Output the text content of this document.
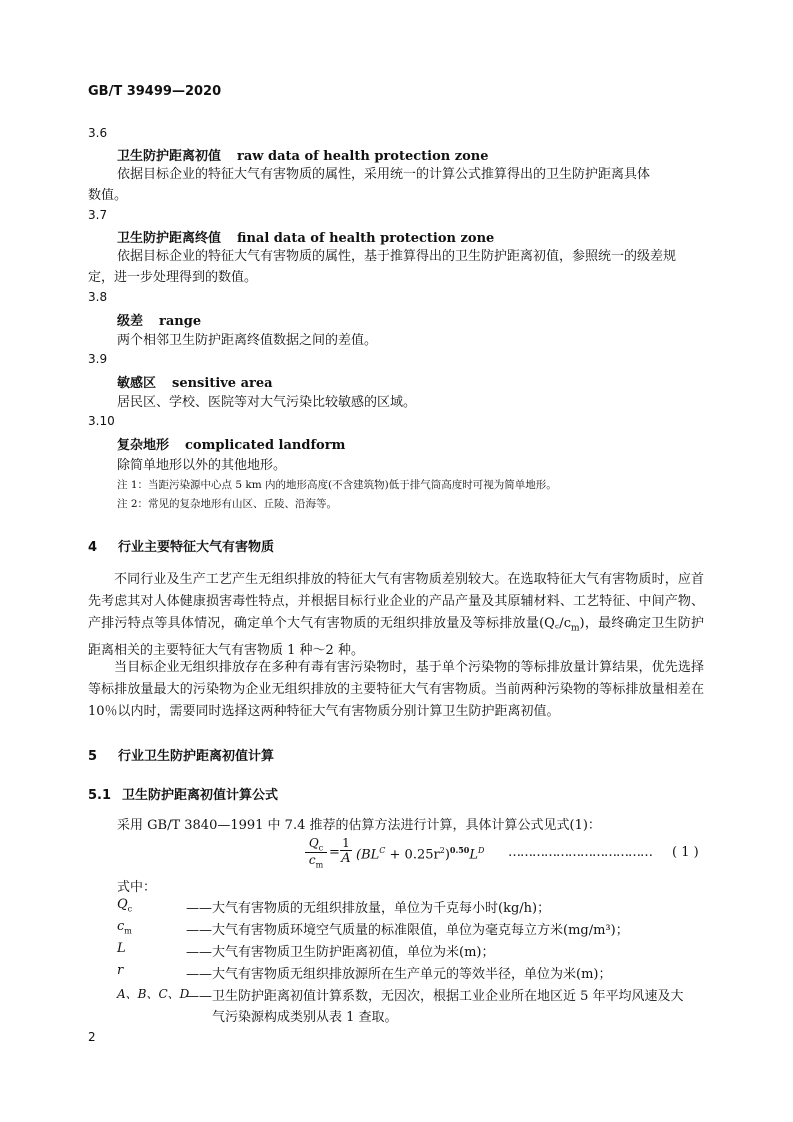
GB/T 39499—2020
3.6
卫生防护距离初值 raw data of health protection zone
依据目标企业的特征大气有害物质的属性，采用统一的计算公式推算得出的卫生防护距离具体
数值。
3.7
卫生防护距离终值 final data of health protection zone
依据目标企业的特征大气有害物质的属性，基于推算得出的卫生防护距离初值，参照统一的级差规
定，进一步处理得到的数值。
3.8
级差 range
两个相邻卫生防护距离终值数据之间的差值。
3.9
敏感区 sensitive area
居民区、学校、医院等对大气污染比较敏感的区域。
3.10
复杂地形 complicated landform
除简单地形以外的其他地形。
注 1：当距污染源中心点 5 km 内的地形高度(不含建筑物)低于排气筒高度时可视为简单地形。
注 2：常见的复杂地形有山区、丘陵、沿海等。
4 行业主要特征大气有害物质
不同行业及生产工艺产生无组织排放的特征大气有害物质差别较大。在选取特征大气有害物质时，应首先考虑其对人体健康损害毒性特点，并根据目标行业企业的产品产量及其原辅材料、工艺特征、中间产物、产排污特点等具体情况，确定单个大气有害物质的无组织排放量及等标排放量$(Q꜀/c_m)$，最终确定卫生防护距离相关的主要特征大气有害物质 1 种～2 种。
当目标企业无组织排放存在多种有毒有害污染物时，基于单个污染物的等标排放量计算结果，优先选择等标排放量最大的污染物为企业无组织排放的主要特征大气有害物质。当前两种污染物的等标排放量相差在 10％以内时，需要同时选择这两种特征大气有害物质分别计算卫生防护距离初值。
5 行业卫生防护距离初值计算
5.1 卫生防护距离初值计算公式
采用 GB/T 3840—1991 中 7.4 推荐的估算方法进行计算，具体计算公式见式(1)：
$Q_c$
$c_m$
=
1
A $(BL^C + 0.25r^2)^{0.50}L^D$ ……………………………… ( 1 )
式中：
$Q_c$	——大气有害物质的无组织排放量，单位为千克每小时(kg/h)；
$c_m$	——大气有害物质环境空气质量的标准限值，单位为毫克每立方米(mg/m³)；
L	——大气有害物质卫生防护距离初值，单位为米(m)；
r	——大气有害物质无组织排放源所在生产单元的等效半径，单位为米(m)；
A、B、C、D
——卫生防护距离初值计算系数，无因次，根据工业企业所在地区近 5 年平均风速及大
气污染源构成类别从表 1 查取。
2
